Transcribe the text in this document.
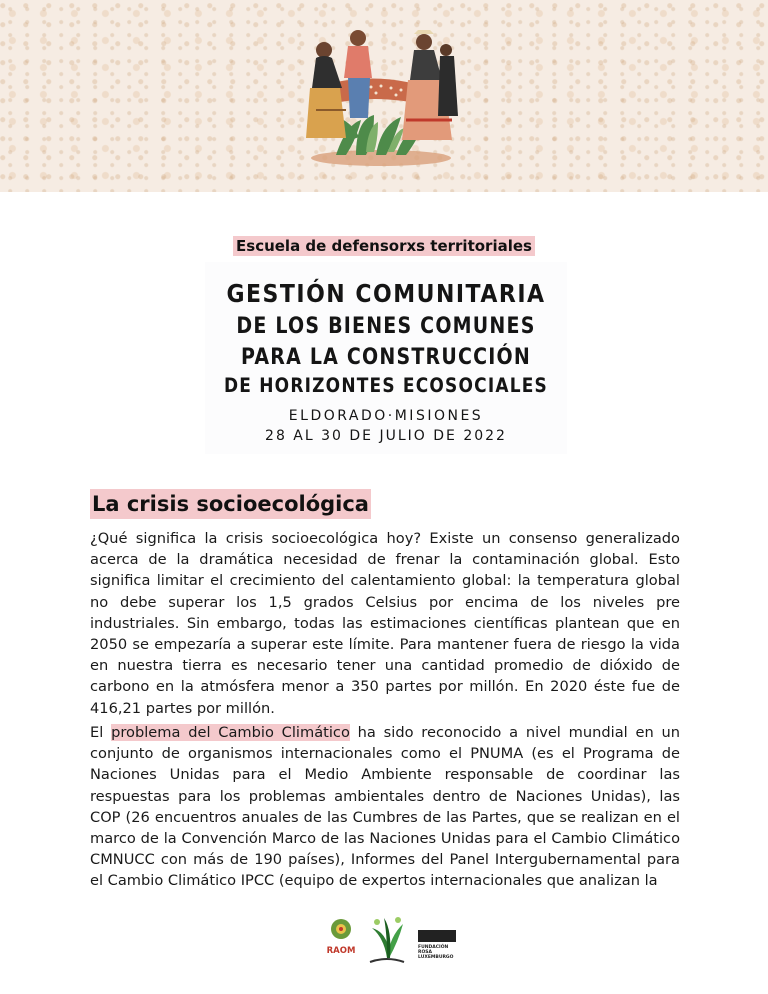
Escuela de defensorxs territoriales
GESTIÓN COMUNITARIA
DE LOS BIENES COMUNES
PARA LA CONSTRUCCIÓN
DE HORIZONTES ECOSOCIALES
ELDORADO·MISIONES
28 AL 30 DE JULIO DE 2022
La crisis socioecológica

¿Qué significa la crisis socioecológica hoy? Existe un consenso generalizado acerca de la dramática necesidad de frenar la contaminación global. Esto significa limitar el crecimiento del calentamiento global: la temperatura global no debe superar los 1,5 grados Celsius por encima de los niveles pre industriales. Sin embargo, todas las estimaciones científicas plantean que en 2050 se empezaría a superar este límite. Para mantener fuera de riesgo la vida en nuestra tierra es necesario tener una cantidad promedio de dióxido de carbono en la atmósfera menor a 350 partes por millón. En 2020 éste fue de 416,21 partes por millón.

El problema del Cambio Climático ha sido reconocido a nivel mundial en un conjunto de organismos internacionales como el PNUMA (es el Programa de Naciones Unidas para el Medio Ambiente responsable de coordinar las respuestas para los problemas ambientales dentro de Naciones Unidas), las COP (26 encuentros anuales de las Cumbres de las Partes, que se realizan en el marco de la Convención Marco de las Naciones Unidas para el Cambio Climático CMNUCC con más de 190 países), Informes del Panel Intergubernamental para el Cambio Climático IPCC (equipo de expertos internacionales que analizan la

RAOM	FUNDACIÓN ROSA LUXEMBURGO
